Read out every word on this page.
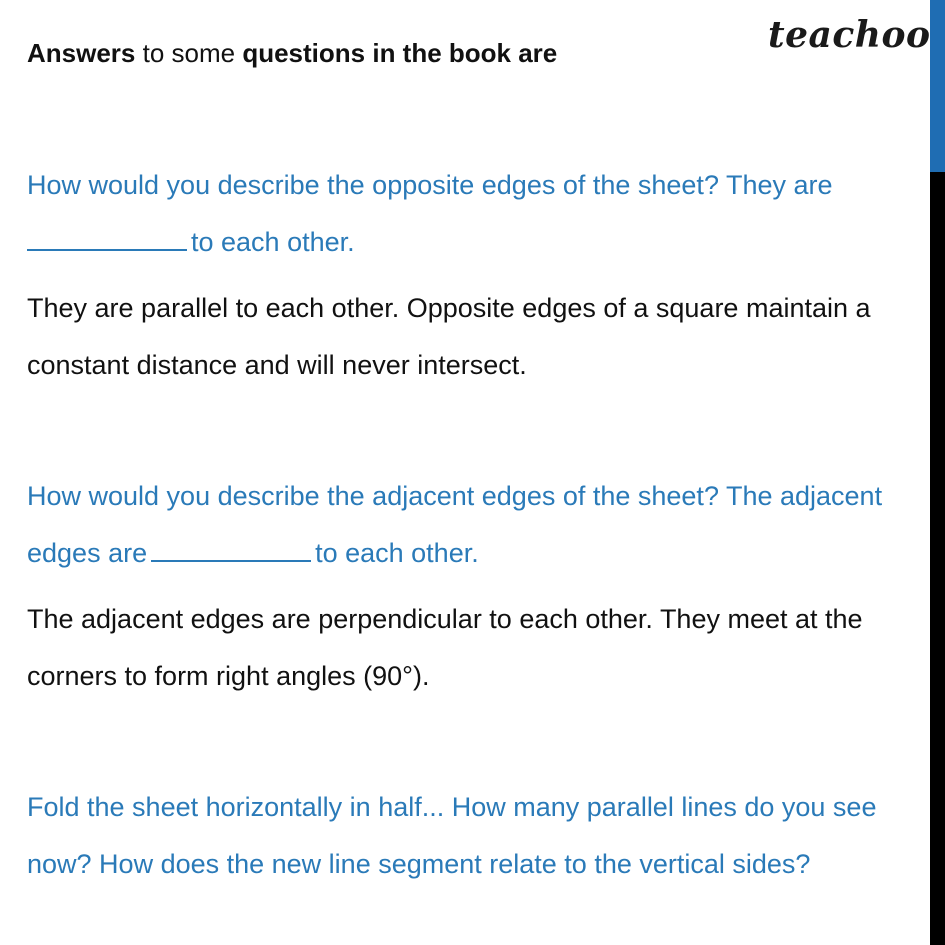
Answers to some questions in the book are	teachoo

How would you describe the opposite edges of the sheet? They are
to each other.

They are parallel to each other. Opposite edges of a square maintain a constant distance and will never intersect.

How would you describe the adjacent edges of the sheet? The adjacent edges are	to each other.

The adjacent edges are perpendicular to each other. They meet at the corners to form right angles (90°).

Fold the sheet horizontally in half... How many parallel lines do you see now? How does the new line segment relate to the vertical sides?
